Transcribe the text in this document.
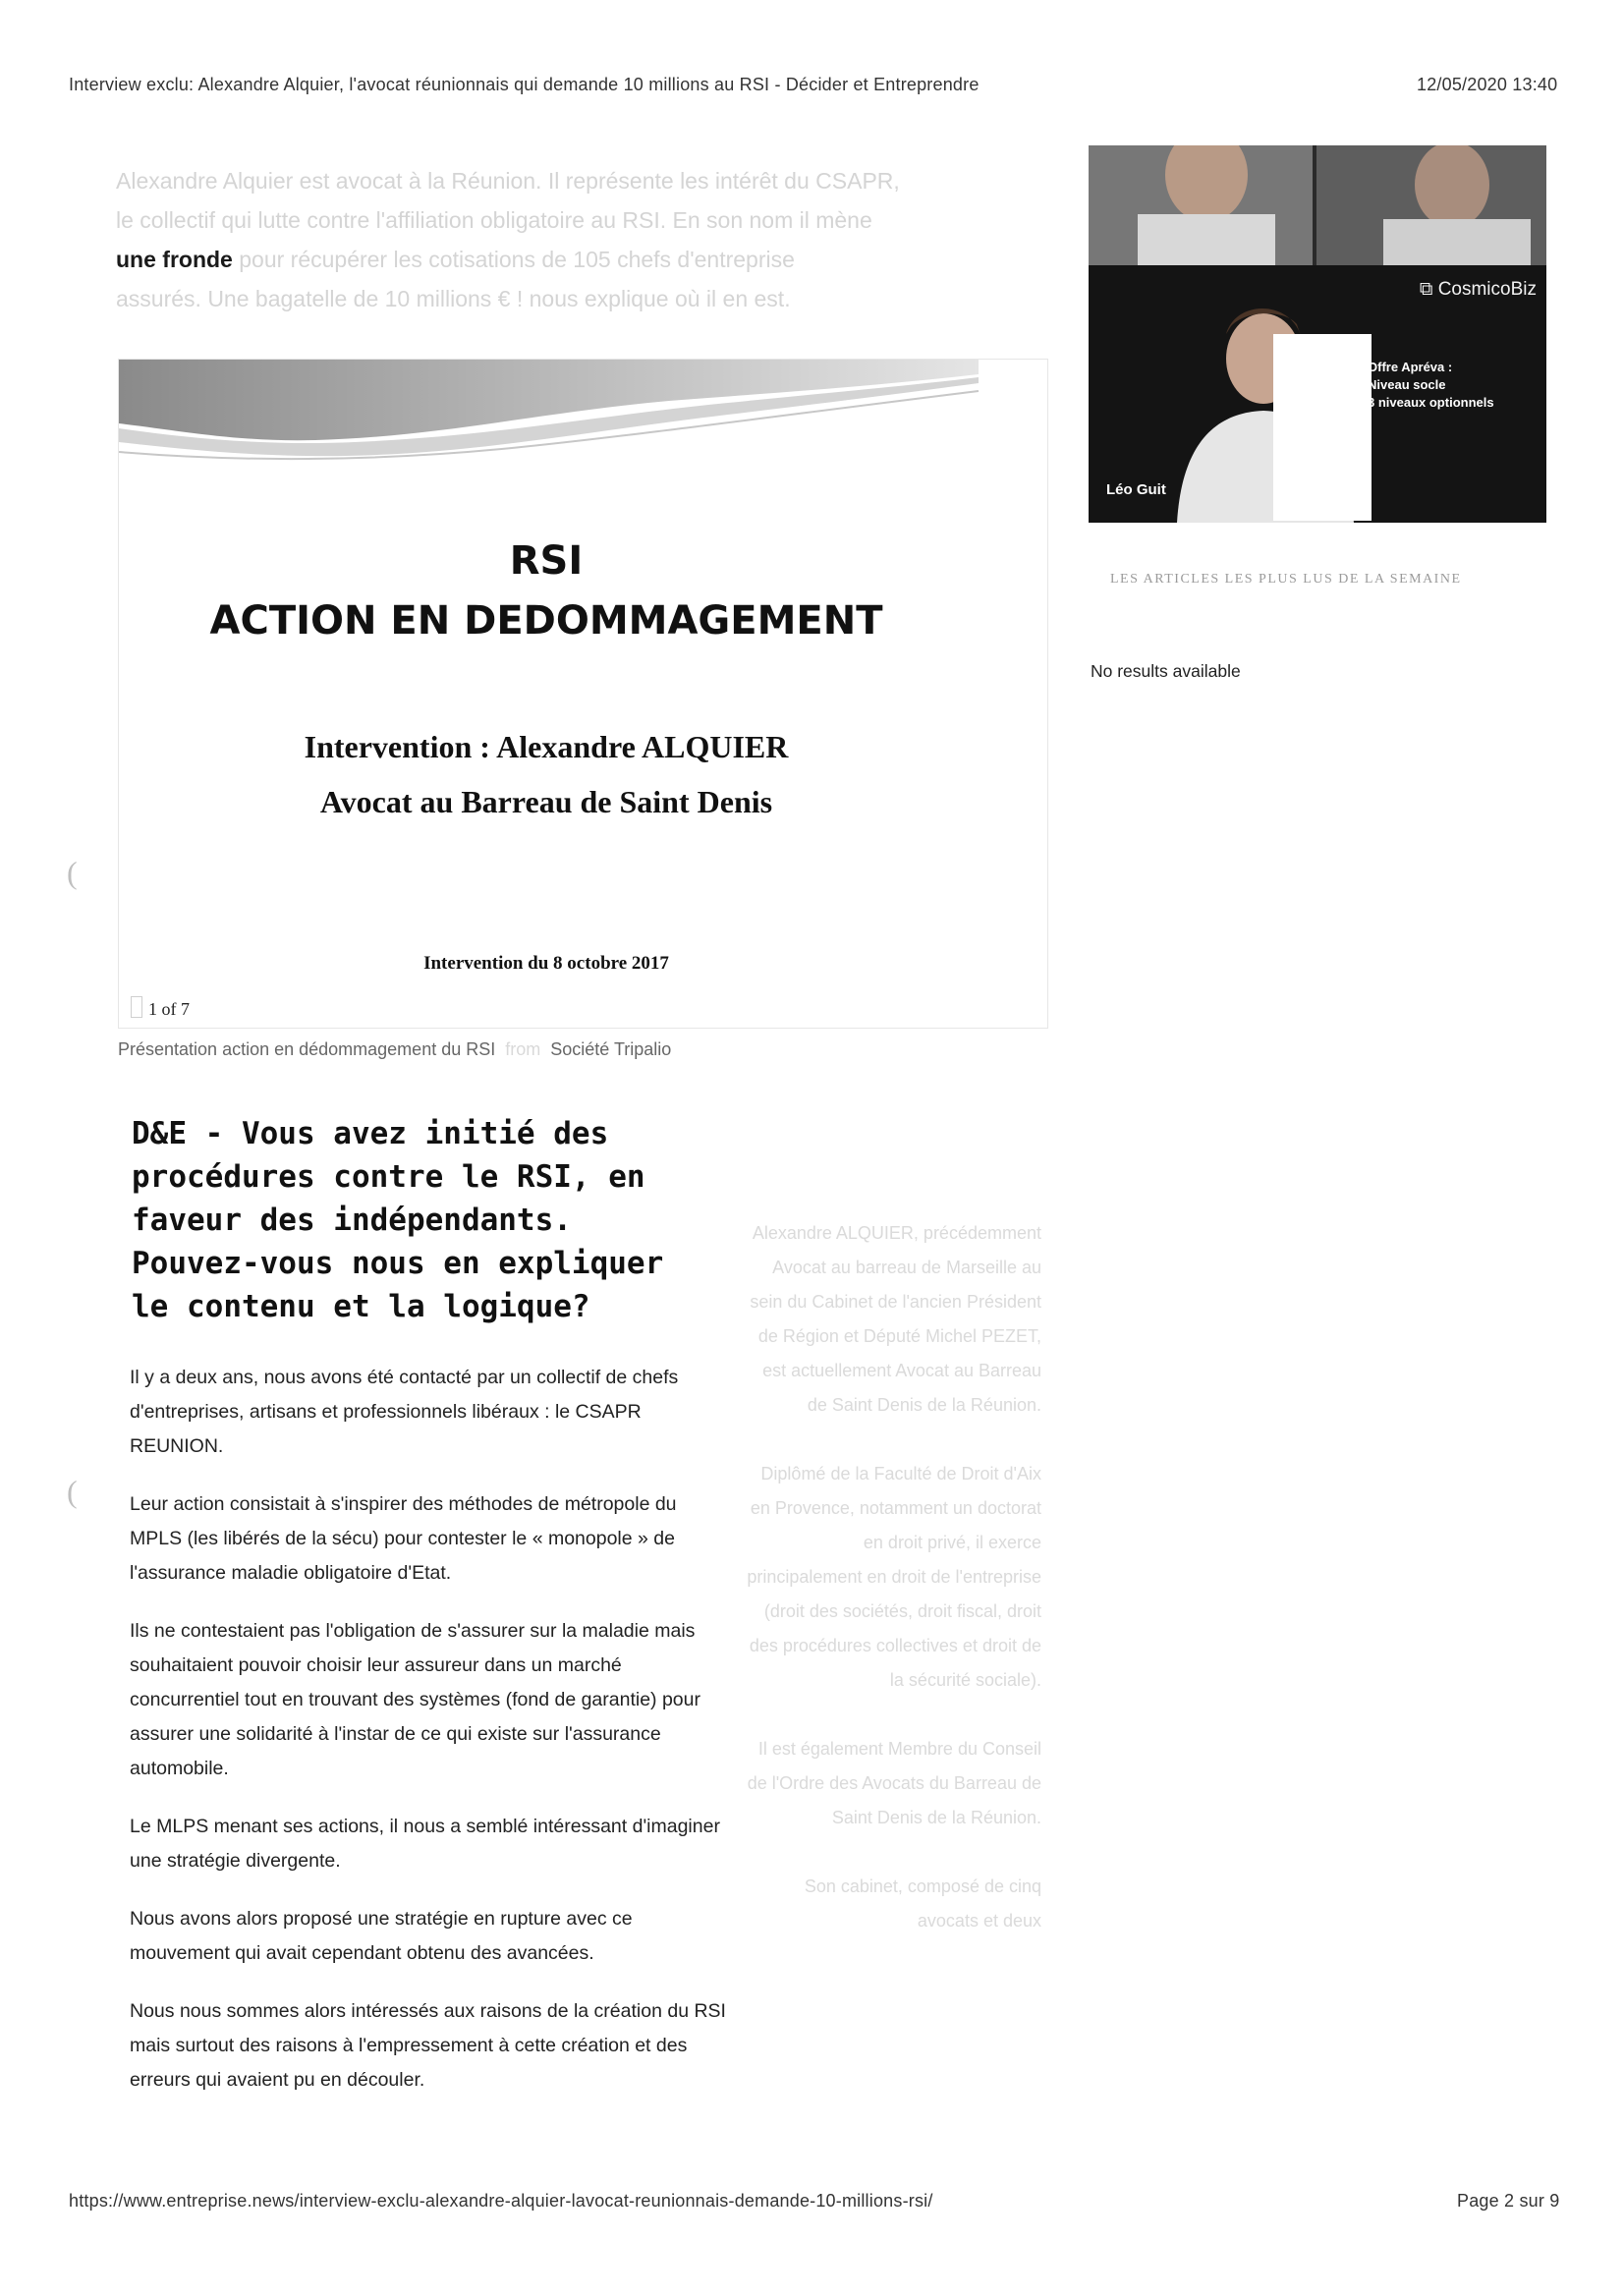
Interview exclu: Alexandre Alquier, l'avocat réunionnais qui demande 10 millions au RSI - Décider et Entreprendre	12/05/2020 13:40
Alexandre Alquier est avocat à la Réunion. Il représente les intérêt du CSAPR,
le collectif qui lutte contre l'affiliation obligatoire au RSI. En son nom il mène
une fronde pour récupérer les cotisations de 105 chefs d'entreprise
assurés. Une bagatelle de 10 millions € ! nous explique où il en est.
RSI
ACTION EN DEDOMMAGEMENT
Intervention : Alexandre ALQUIER
Avocat au Barreau de Saint Denis
Intervention du 8 octobre 2017
1 of 7
Présentation action en dédommagement du RSI from Société Tripalio
D&E - Vous avez initié des procédures contre le RSI, en faveur des indépendants. Pouvez-vous nous en expliquer le contenu et la logique?
Il y a deux ans, nous avons été contacté par un collectif de chefs d'entreprises, artisans et professionnels libéraux : le CSAPR REUNION.
Leur action consistait à s'inspirer des méthodes de métropole du MPLS (les libérés de la sécu) pour contester le « monopole » de l'assurance maladie obligatoire d'Etat.
Ils ne contestaient pas l'obligation de s'assurer sur la maladie mais souhaitaient pouvoir choisir leur assureur dans un marché concurrentiel tout en trouvant des systèmes (fond de garantie) pour assurer une solidarité à l'instar de ce qui existe sur l'assurance automobile.
Le MLPS menant ses actions, il nous a semblé intéressant d'imaginer une stratégie divergente.
Nous avons alors proposé une stratégie en rupture avec ce mouvement qui avait cependant obtenu des avancées.
Nous nous sommes alors intéressés aux raisons de la création du RSI mais surtout des raisons à l'empressement à cette création et des erreurs qui avaient pu en découler.

Alexandre ALQUIER, précédemment Avocat au barreau de Marseille au sein du Cabinet de l'ancien Président de Région et Député Michel PEZET, est actuellement Avocat au Barreau de Saint Denis de la Réunion.

Diplômé de la Faculté de Droit d'Aix en Provence, notamment un doctorat en droit privé, il exerce principalement en droit de l'entreprise (droit des sociétés, droit fiscal, droit des procédures collectives et droit de la sécurité sociale).

Il est également Membre du Conseil de l'Ordre des Avocats du Barreau de Saint Denis de la Réunion.

Son cabinet, composé de cinq avocats et deux

⧉ CosmicoBiz
Offre Apréva :
Niveau socle
3 niveaux optionnels
Léo Guit
LES ARTICLES LES PLUS LUS DE LA SEMAINE
No results available
(
(
https://www.entreprise.news/interview-exclu-alexandre-alquier-lavocat-reunionnais-demande-10-millions-rsi/	Page 2 sur 9
